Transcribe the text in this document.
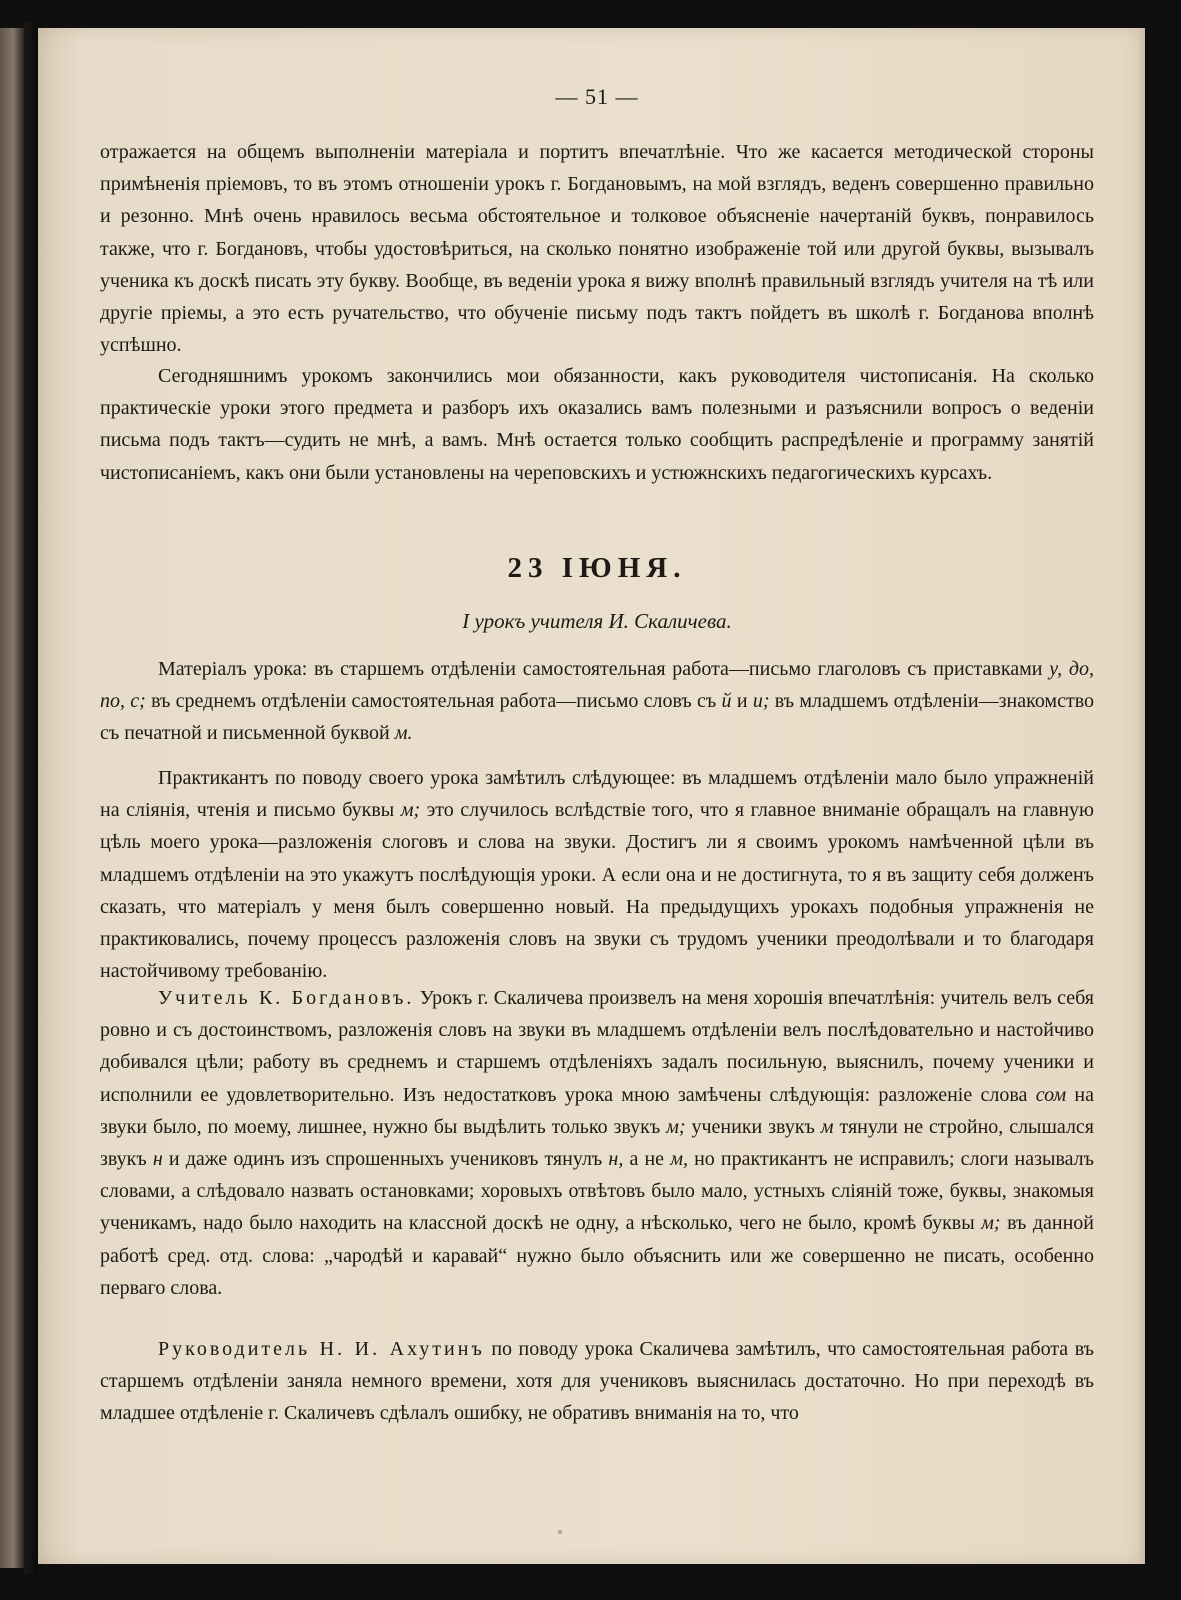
— 51 —

отражается на общемъ выполненіи матеріала и портитъ впечатлѣніе. Что же касается методической стороны примѣненія пріемовъ, то въ этомъ отношеніи урокъ г. Богдановымъ, на мой взглядъ, веденъ совершенно правильно и резонно. Мнѣ очень нравилось весьма обстоятельное и толковое объясненіе начертаній буквъ, понравилось также, что г. Богдановъ, чтобы удостовѣриться, на сколько понятно изображеніе той или другой буквы, вызывалъ ученика къ доскѣ писать эту букву. Вообще, въ веденіи урока я вижу вполнѣ правильный взглядъ учителя на тѣ или другіе пріемы, а это есть ручательство, что обученіе письму подъ тактъ пойдетъ въ школѣ г. Богданова вполнѣ успѣшно.

Сегодняшнимъ урокомъ закончились мои обязанности, какъ руководителя чистописанія. На сколько практическіе уроки этого предмета и разборъ ихъ оказались вамъ полезными и разъяснили вопросъ о веденіи письма подъ тактъ—судить не мнѣ, а вамъ. Мнѣ остается только сообщить распредѣленіе и программу занятій чистописаніемъ, какъ они были установлены на череповскихъ и устюжнскихъ педагогическихъ курсахъ.

23 ІЮНЯ.

I урокъ учителя И. Скаличева.

Матеріалъ урока: въ старшемъ отдѣленіи самостоятельная работа—письмо глаголовъ съ приставками у, до, по, с; въ среднемъ отдѣленіи самостоятельная работа—письмо словъ съ й и и; въ младшемъ отдѣленіи—знакомство съ печатной и письменной буквой м.

Практикантъ по поводу своего урока замѣтилъ слѣдующее: въ младшемъ отдѣленіи мало было упражненій на сліянія, чтенія и письмо буквы м; это случилось вслѣдствіе того, что я главное вниманіе обращалъ на главную цѣль моего урока—разложенія слоговъ и слова на звуки. Достигъ ли я своимъ урокомъ намѣченной цѣли въ младшемъ отдѣленіи на это укажутъ послѣдующія уроки. А если она и не достигнута, то я въ защиту себя долженъ сказать, что матеріалъ у меня былъ совершенно новый. На предыдущихъ урокахъ подобныя упражненія не практиковались, почему процессъ разложенія словъ на звуки съ трудомъ ученики преодолѣвали и то благодаря настойчивому требованію.

Учитель К. Богдановъ. Урокъ г. Скаличева произвелъ на меня хорошія впечатлѣнія: учитель велъ себя ровно и съ достоинствомъ, разложенія словъ на звуки въ младшемъ отдѣленіи велъ послѣдовательно и настойчиво добивался цѣли; работу въ среднемъ и старшемъ отдѣленіяхъ задалъ посильную, выяснилъ, почему ученики и исполнили ее удовлетворительно. Изъ недостатковъ урока мною замѣчены слѣдующія: разложеніе слова сом на звуки было, по моему, лишнее, нужно бы выдѣлить только звукъ м; ученики звукъ м тянули не стройно, слышался звукъ н и даже одинъ изъ спрошенныхъ учениковъ тянулъ н, а не м, но практикантъ не исправилъ; слоги называлъ словами, а слѣдовало назвать остановками; хоровыхъ отвѣтовъ было мало, устныхъ сліяній тоже, буквы, знакомыя ученикамъ, надо было находить на классной доскѣ не одну, а нѣсколько, чего не было, кромѣ буквы м; въ данной работѣ сред. отд. слова: „чародѣй и каравай“ нужно было объяснить или же совершенно не писать, особенно перваго слова.

Руководитель Н. И. Ахутинъ по поводу урока Скаличева замѣтилъ, что самостоятельная работа въ старшемъ отдѣленіи заняла немного времени, хотя для учениковъ выяснилась достаточно. Но при переходѣ въ младшее отдѣленіе г. Скаличевъ сдѣлалъ ошибку, не обративъ вниманія на то, что
